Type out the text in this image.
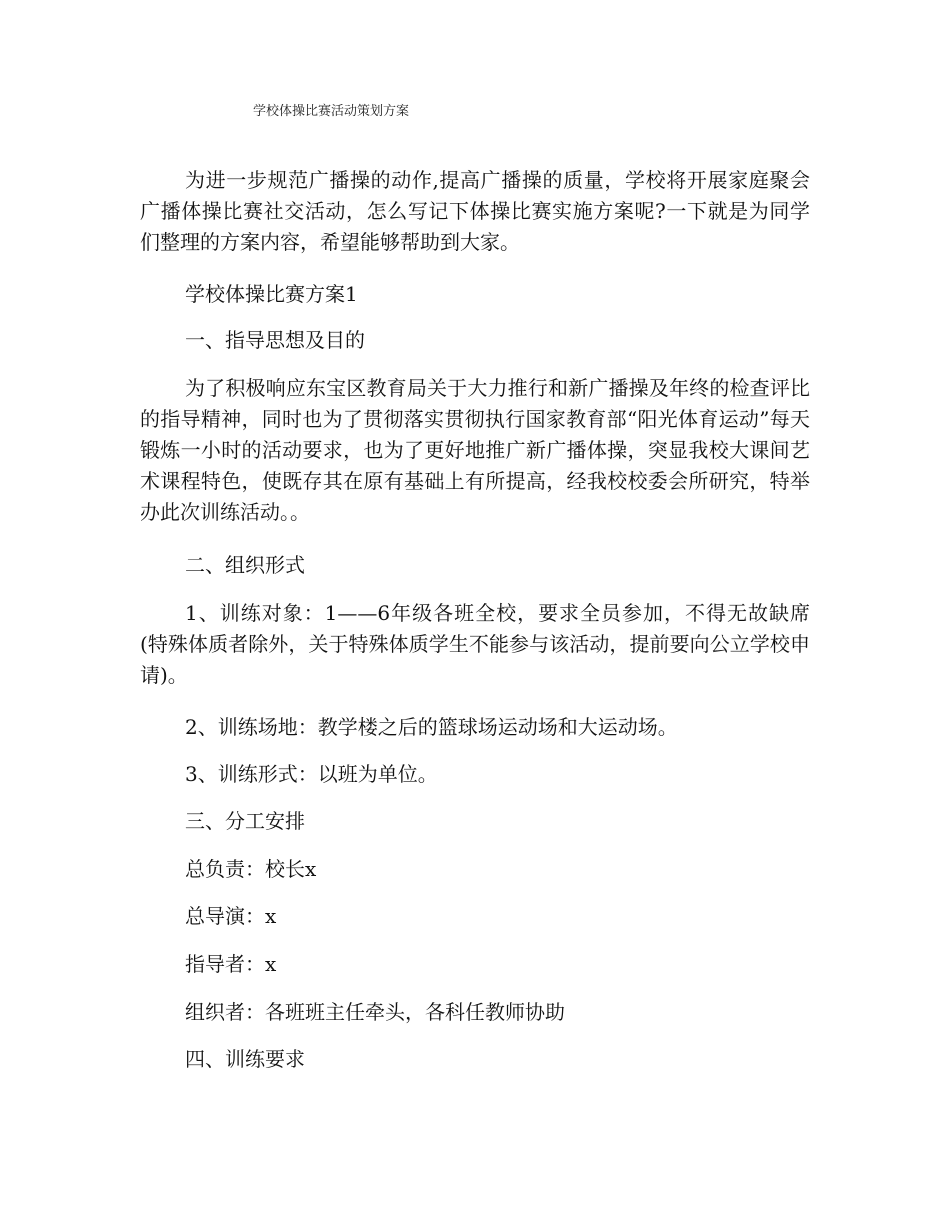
学校体操比赛活动策划方案

为进一步规范广播操的动作,提高广播操的质量，学校将开展家庭聚会广播体操比赛社交活动，怎么写记下体操比赛实施方案呢?一下就是为同学们整理的方案内容，希望能够帮助到大家。

学校体操比赛方案1

一、指导思想及目的

为了积极响应东宝区教育局关于大力推行和新广播操及年终的检查评比的指导精神，同时也为了贯彻落实贯彻执行国家教育部“阳光体育运动”每天锻炼一小时的活动要求，也为了更好地推广新广播体操，突显我校大课间艺术课程特色，使既存其在原有基础上有所提高，经我校校委会所研究，特举办此次训练活动。。

二、组织形式

1、训练对象：1——6年级各班全校，要求全员参加，不得无故缺席(特殊体质者除外，关于特殊体质学生不能参与该活动，提前要向公立学校申请)。

2、训练场地：教学楼之后的篮球场运动场和大运动场。

3、训练形式：以班为单位。

三、分工安排

总负责：校长x

总导演：x

指导者：x

组织者：各班班主任牵头，各科任教师协助

四、训练要求
